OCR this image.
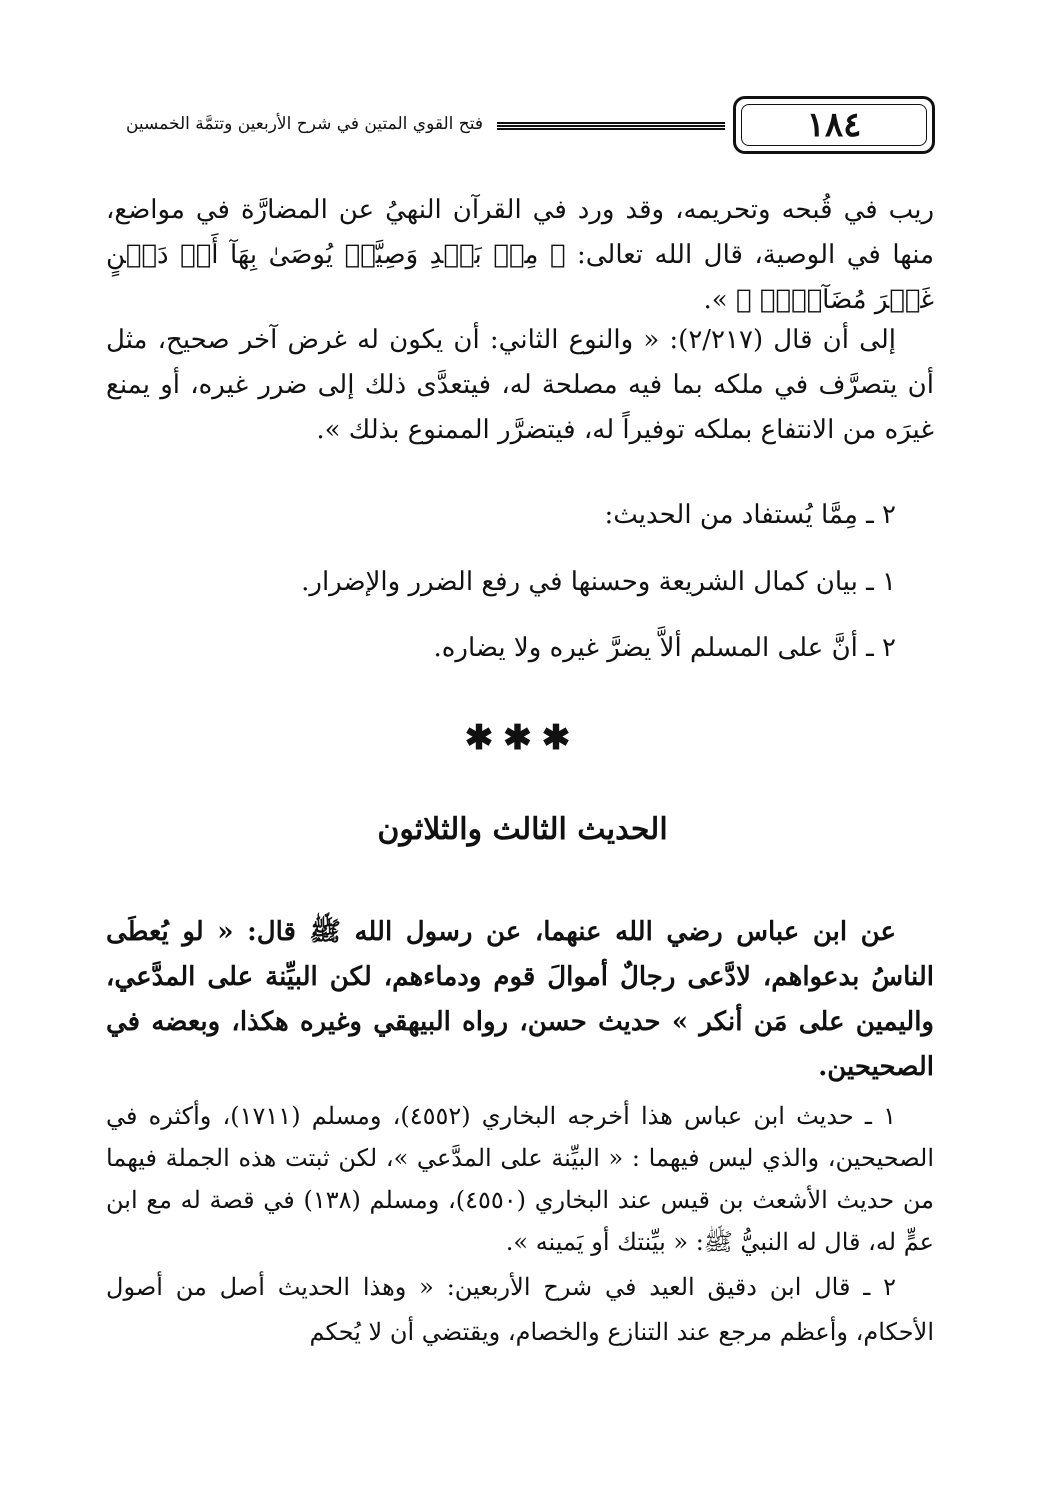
فتح القوي المتين في شرح الأربعين وتتمَّة الخمسين	١٨٤

ريب في قُبحه وتحريمه، وقد ورد في القرآن النهيُ عن المضارَّة في مواضع، منها في الوصية، قال الله تعالى: ﴿ مِنۢ بَعۡدِ وَصِيَّةٖ يُوصَىٰ بِهَآ أَوۡ دَيۡنٍ غَيۡرَ مُضَآرّٖۚ ﴾ ».

إلى أن قال (٢/٢١٧): « والنوع الثاني: أن يكون له غرض آخر صحيح، مثل أن يتصرَّف في ملكه بما فيه مصلحة له، فيتعدَّى ذلك إلى ضرر غيره، أو يمنع غيرَه من الانتفاع بملكه توفيراً له، فيتضرَّر الممنوع بذلك ».

٢ ـ مِمَّا يُستفاد من الحديث:

١ ـ بيان كمال الشريعة وحسنها في رفع الضرر والإضرار.

٢ ـ أنَّ على المسلم ألاَّ يضرَّ غيره ولا يضاره.

✱✱✱
الحديث الثالث والثلاثون

عن ابن عباس رضي الله عنهما، عن رسول الله ﷺ قال: « لو يُعطَى الناسُ بدعواهم، لادَّعى رجالٌ أموالَ قوم ودماءهم، لكن البيِّنة على المدَّعي، واليمين على مَن أنكر » حديث حسن، رواه البيهقي وغيره هكذا، وبعضه في الصحيحين.

١ ـ حديث ابن عباس هذا أخرجه البخاري (٤٥٥٢)، ومسلم (١٧١١)، وأكثره في الصحيحين، والذي ليس فيهما : « البيِّنة على المدَّعي »، لكن ثبتت هذه الجملة فيهما من حديث الأشعث بن قيس عند البخاري (٤٥٥٠)، ومسلم (١٣٨) في قصة له مع ابن عمٍّ له، قال له النبيُّ ﷺ: « بيِّنتك أو يَمينه ».

٢ ـ قال ابن دقيق العيد في شرح الأربعين: « وهذا الحديث أصل من أصول الأحكام، وأعظم مرجع عند التنازع والخصام، ويقتضي أن لا يُحكم
